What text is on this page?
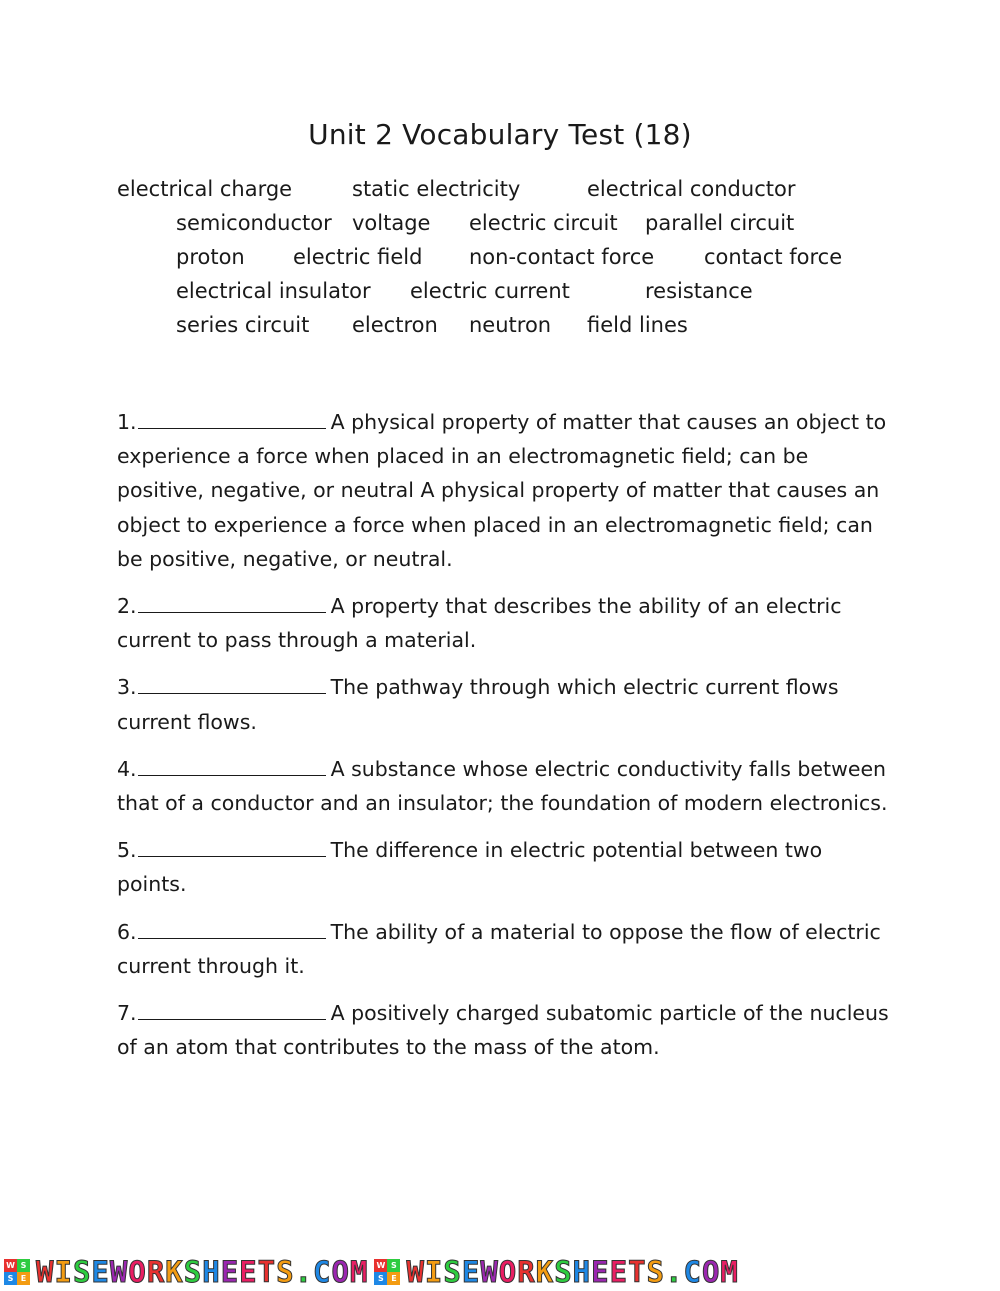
Unit 2 Vocabulary Test (18)
electrical charge	static electricity	electrical conductor
semiconductor voltage electric circuit parallel circuit
proton electric field non-contact force contact force
electrical insulator electric current	resistance
series circuit electron neutron field lines
1.	A physical property of matter that causes an object to experience a force when placed in an electromagnetic field; can be positive, negative, or neutral A physical property of matter that causes an object to experience a force when placed in an electromagnetic field; can be positive, negative, or neutral.
2.	A property that describes the ability of an electric current to pass through a material.
3.	The pathway through which electric current flows current flows.
4.	A substance whose electric conductivity falls between that of a conductor and an insulator; the foundation of modern electronics.
5.	The difference in electric potential between two points.
6.	The ability of a material to oppose the flow of electric current through it.
7.	A positively charged subatomic particle of the nucleus of an atom that contributes to the mass of the atom.
W S
S E WISEWORKSHEETS.COM W S
S E WISEWORKSHEETS.COM
